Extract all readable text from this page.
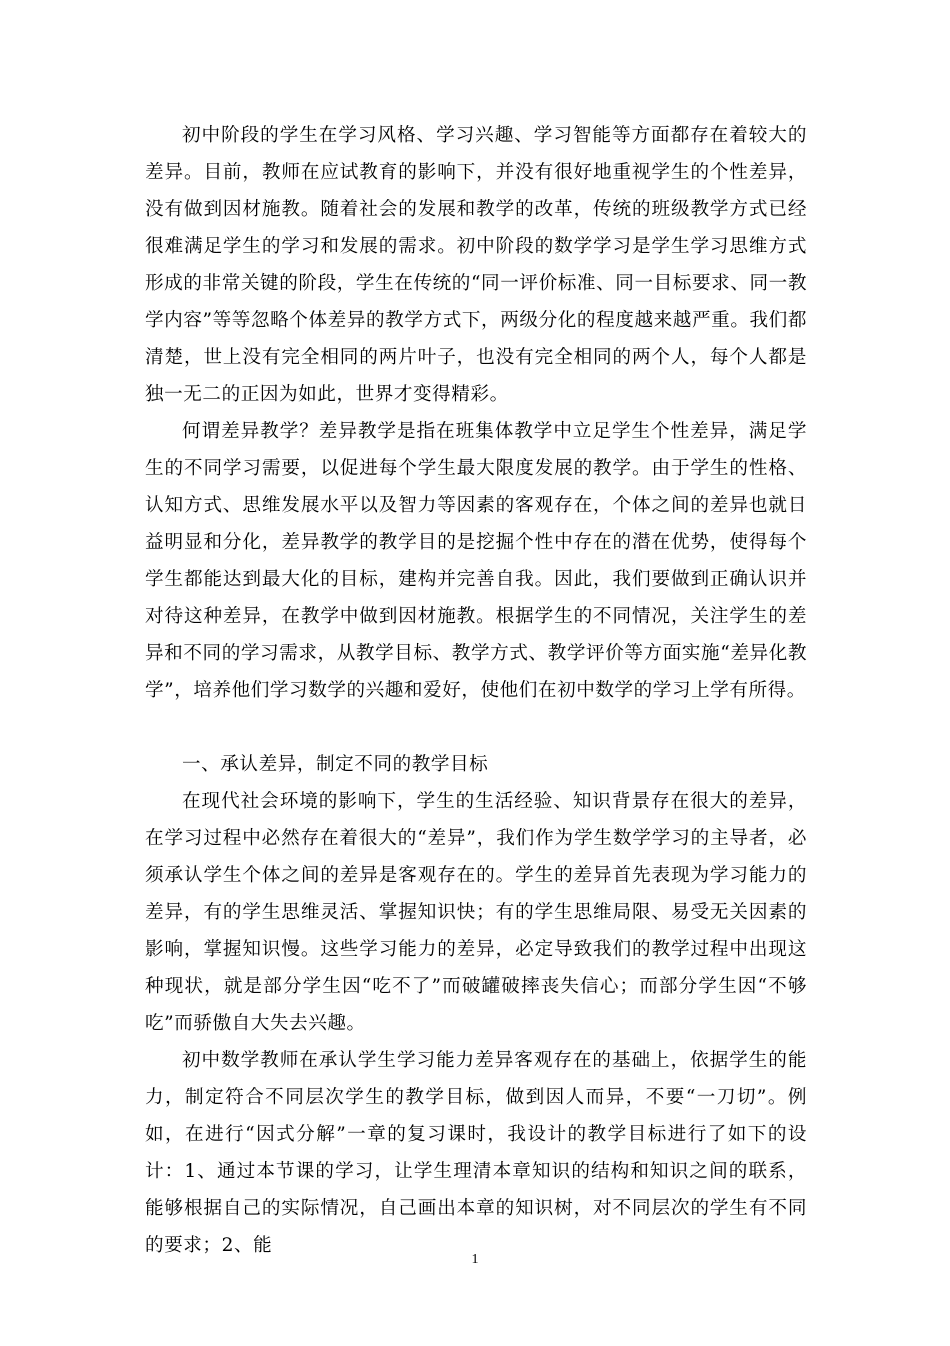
初中阶段的学生在学习风格、学习兴趣、学习智能等方面都存在着较大的差异。目前，教师在应试教育的影响下，并没有很好地重视学生的个性差异，没有做到因材施教。随着社会的发展和教学的改革，传统的班级教学方式已经很难满足学生的学习和发展的需求。初中阶段的数学学习是学生学习思维方式形成的非常关键的阶段，学生在传统的“同一评价标准、同一目标要求、同一教学内容”等等忽略个体差异的教学方式下，两级分化的程度越来越严重。我们都清楚，世上没有完全相同的两片叶子，也没有完全相同的两个人，每个人都是独一无二的正因为如此，世界才变得精彩。

何谓差异教学？差异教学是指在班集体教学中立足学生个性差异，满足学生的不同学习需要，以促进每个学生最大限度发展的教学。由于学生的性格、认知方式、思维发展水平以及智力等因素的客观存在，个体之间的差异也就日益明显和分化，差异教学的教学目的是挖掘个性中存在的潜在优势，使得每个学生都能达到最大化的目标，建构并完善自我。因此，我们要做到正确认识并对待这种差异，在教学中做到因材施教。根据学生的不同情况，关注学生的差异和不同的学习需求，从教学目标、教学方式、教学评价等方面实施“差异化教学”，培养他们学习数学的兴趣和爱好，使他们在初中数学的学习上学有所得。

一、承认差异，制定不同的教学目标

在现代社会环境的影响下，学生的生活经验、知识背景存在很大的差异，在学习过程中必然存在着很大的“差异”，我们作为学生数学学习的主导者，必须承认学生个体之间的差异是客观存在的。学生的差异首先表现为学习能力的差异，有的学生思维灵活、掌握知识快；有的学生思维局限、易受无关因素的影响，掌握知识慢。这些学习能力的差异，必定导致我们的教学过程中出现这种现状，就是部分学生因“吃不了”而破罐破摔丧失信心；而部分学生因“不够吃”而骄傲自大失去兴趣。

初中数学教师在承认学生学习能力差异客观存在的基础上，依据学生的能力，制定符合不同层次学生的教学目标，做到因人而异，不要“一刀切”。例如，在进行“因式分解”一章的复习课时，我设计的教学目标进行了如下的设计：1、通过本节课的学习，让学生理清本章知识的结构和知识之间的联系，能够根据自己的实际情况，自己画出本章的知识树，对不同层次的学生有不同的要求；2、能

1
